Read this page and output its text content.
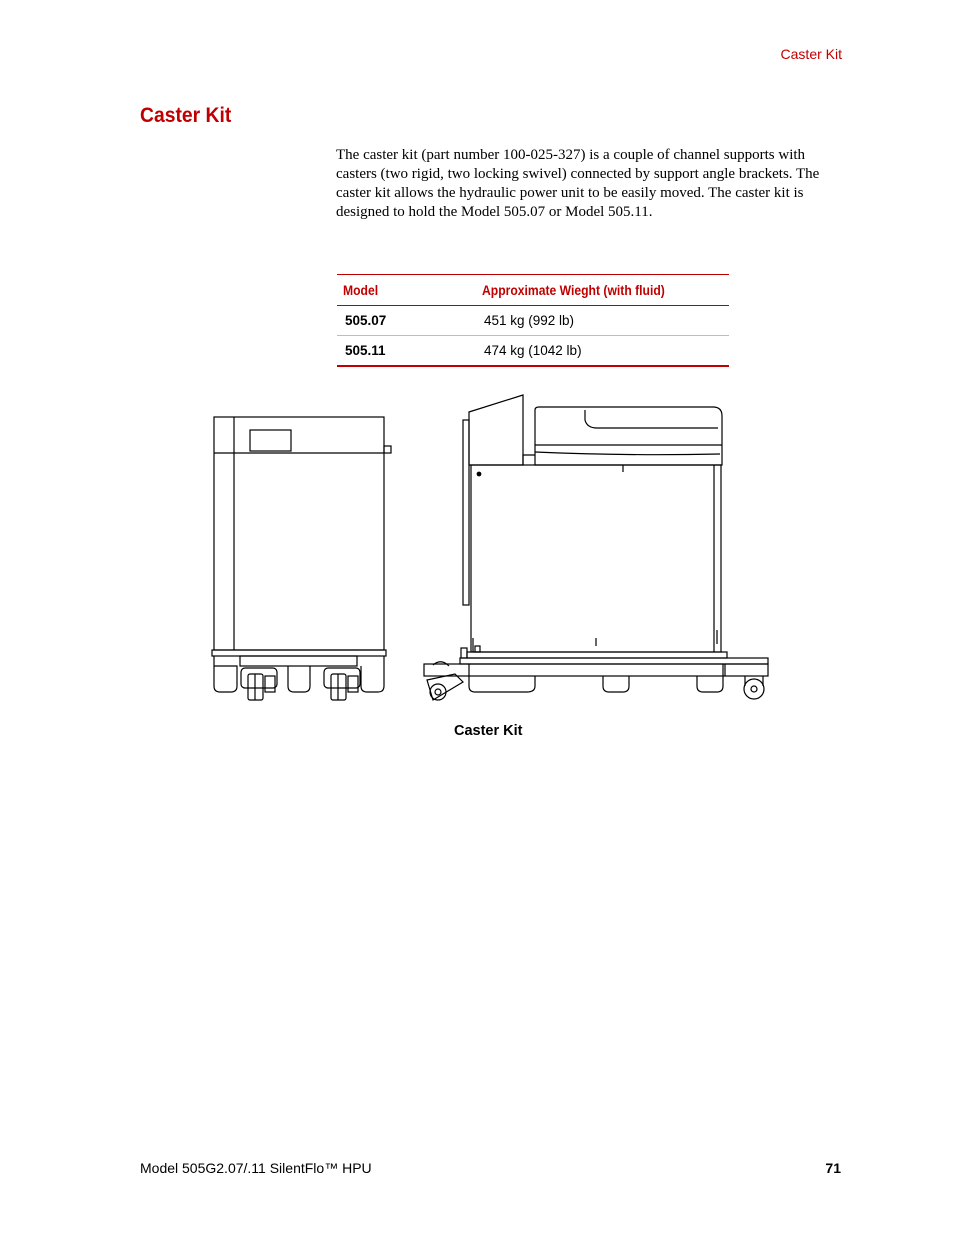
Caster Kit
Caster Kit

The caster kit (part number 100-025-327) is a couple of channel supports with casters (two rigid, two locking swivel) connected by support angle brackets. The caster kit allows the hydraulic power unit to be easily moved. The caster kit is designed to hold the Model 505.07 or Model 505.11.

Model	Approximate Wieght (with fluid)
505.07	451 kg (992 lb)
505.11	474 kg (1042 lb)
Caster Kit
Model 505G2.07/.11 SilentFlo™ HPU	71
